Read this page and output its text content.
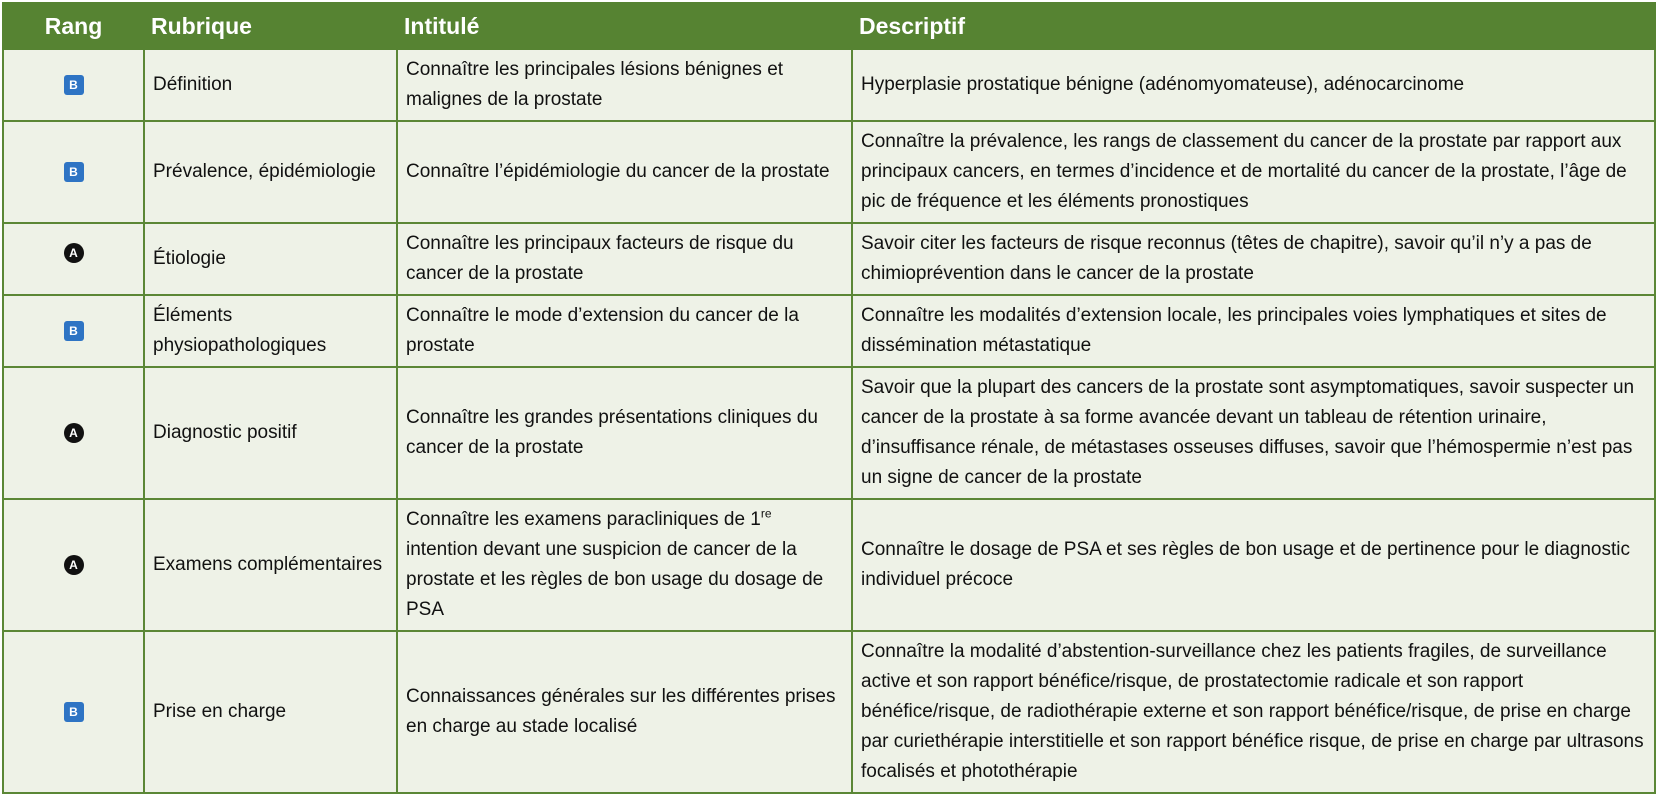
Rang	Rubrique	Intitulé	Descriptif
B	Définition	Connaître les principales lésions bénignes et malignes de la prostate	Hyperplasie prostatique bénigne (adénomyomateuse), adénocarcinome
B	Prévalence, épidémiologie	Connaître l’épidémiologie du cancer de la prostate	Connaître la prévalence, les rangs de classement du cancer de la prostate par rapport aux principaux cancers, en termes d’incidence et de mortalité du cancer de la prostate, l’âge de pic de fréquence et les éléments pronostiques
A	Étiologie	Connaître les principaux facteurs de risque du cancer de la prostate	Savoir citer les facteurs de risque reconnus (têtes de chapitre), savoir qu’il n’y a pas de chimioprévention dans le cancer de la prostate
B	Éléments physiopathologiques	Connaître le mode d’extension du cancer de la prostate	Connaître les modalités d’extension locale, les principales voies lymphatiques et sites de dissémination métastatique
A	Diagnostic positif	Connaître les grandes présentations cliniques du cancer de la prostate	Savoir que la plupart des cancers de la prostate sont asymptomatiques, savoir suspecter un cancer de la prostate à sa forme avancée devant un tableau de rétention urinaire, d’insuffisance rénale, de métastases osseuses diffuses, savoir que l’hémospermie n’est pas un signe de cancer de la prostate
A	Examens complémentaires	Connaître les examens paracliniques de 1re intention devant une suspicion de cancer de la prostate et les règles de bon usage du dosage de PSA	Connaître le dosage de PSA et ses règles de bon usage et de pertinence pour le diagnostic individuel précoce
B	Prise en charge	Connaissances générales sur les différentes prises en charge au stade localisé	Connaître la modalité d’abstention-surveillance chez les patients fragiles, de surveillance active et son rapport bénéfice/risque, de prostatectomie radicale et son rapport bénéfice/risque, de radiothérapie externe et son rapport bénéfice/risque, de prise en charge par curiethérapie interstitielle et son rapport bénéfice risque, de prise en charge par ultrasons focalisés et photothérapie
